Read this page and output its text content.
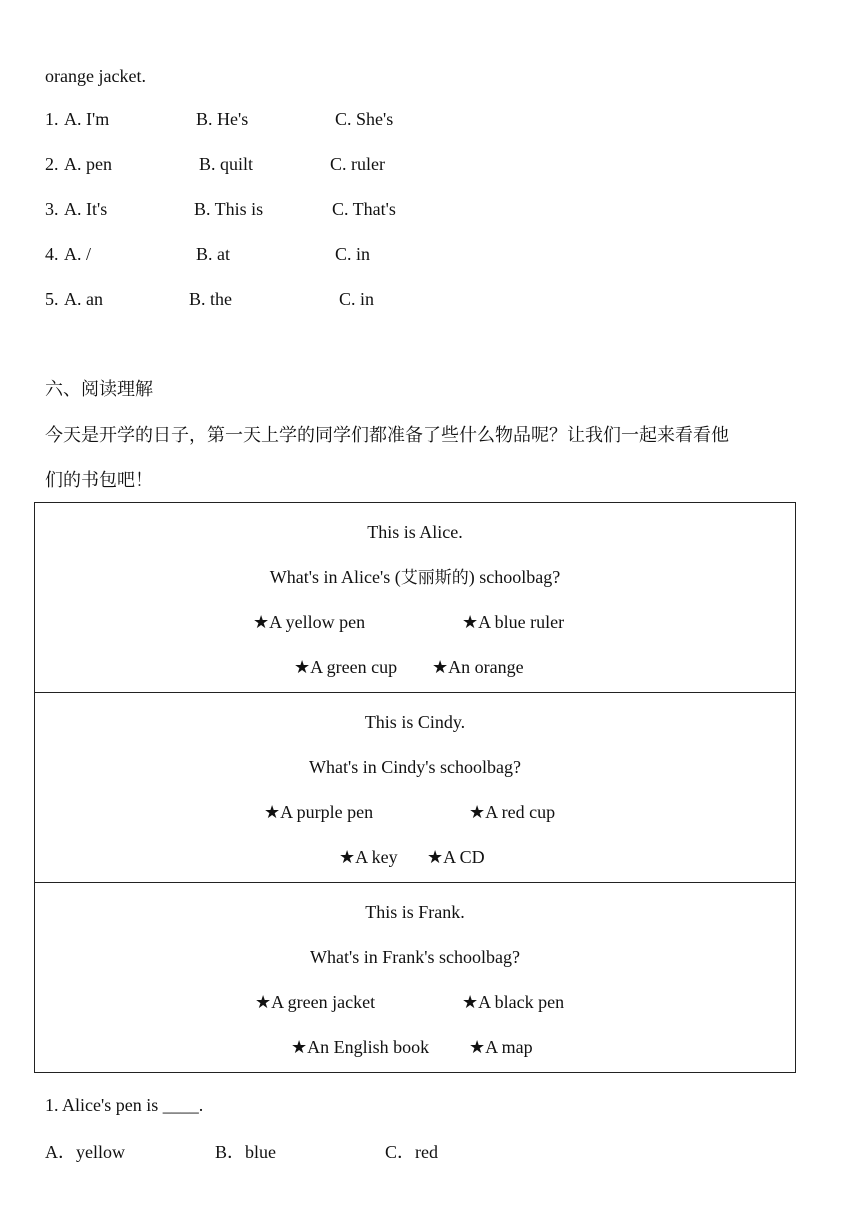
orange jacket.
1. A. I'm	B. He's	C. She's
2. A. pen	B. quilt	C. ruler
3. A. It's	B. This is	C. That's
4. A. /	B. at	C. in
5. A. an	B. the	C. in
六、阅读理解
今天是开学的日子，第一天上学的同学们都准备了些什么物品呢？让我们一起来看看他
们的书包吧！
This is Alice.
What's in Alice's (艾丽斯的) schoolbag?
★A yellow pen	★A blue ruler
★A green cup ★An orange

This is Cindy.
What's in Cindy's schoolbag?
★A purple pen	★A red cup
★A key ★A CD

This is Frank.
What's in Frank's schoolbag?
★A green jacket	★A black pen
★An English book ★A map
1. Alice's pen is ____.
A．yellow	B．blue	C．red
